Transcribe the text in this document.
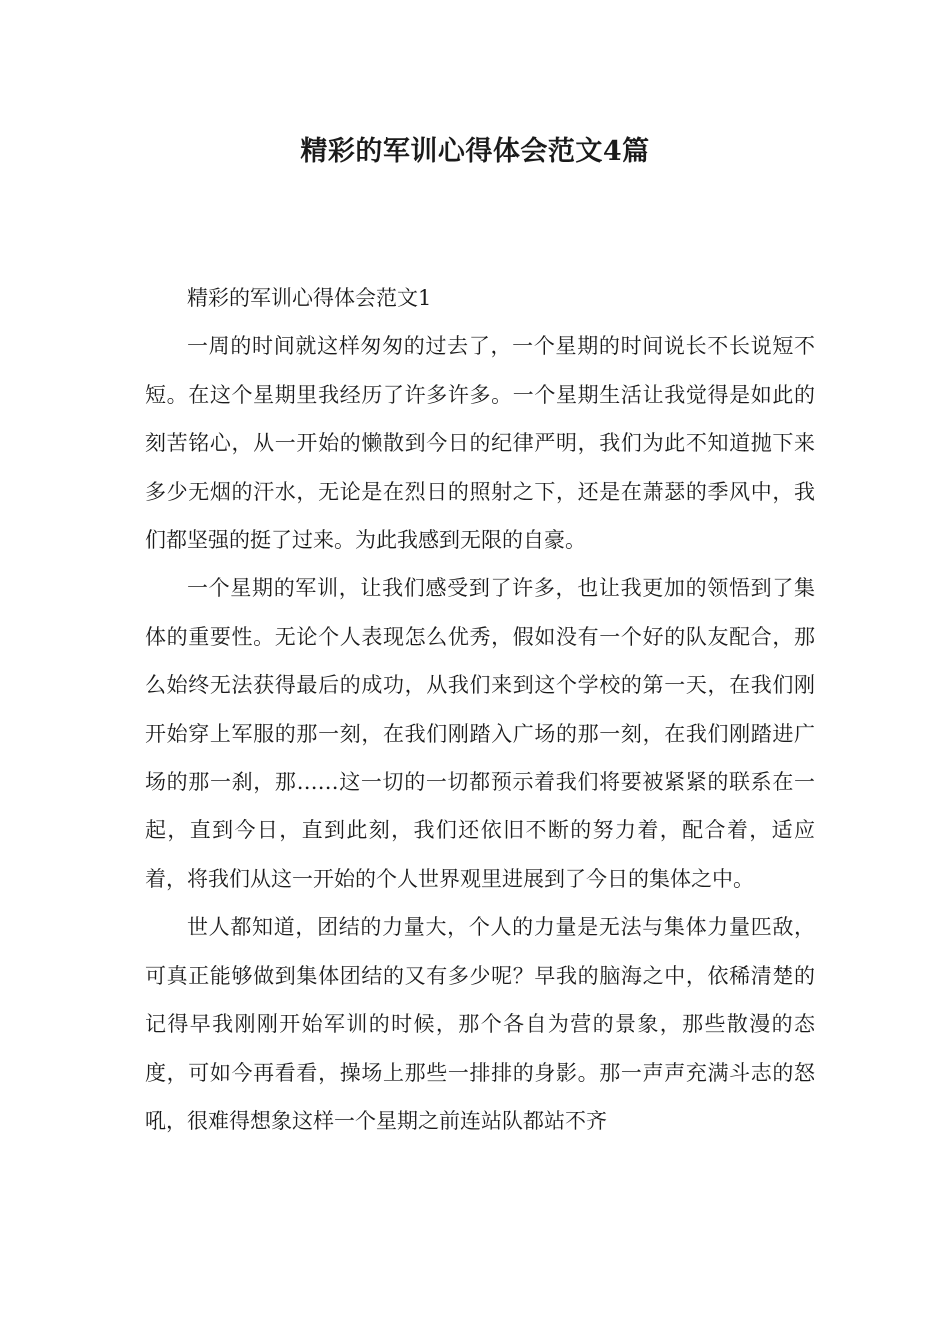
精彩的军训心得体会范文4篇

精彩的军训心得体会范文1

一周的时间就这样匆匆的过去了，一个星期的时间说长不长说短不短。在这个星期里我经历了许多许多。一个星期生活让我觉得是如此的刻苦铭心，从一开始的懒散到今日的纪律严明，我们为此不知道抛下来多少无烟的汗水，无论是在烈日的照射之下，还是在萧瑟的季风中，我们都坚强的挺了过来。为此我感到无限的自豪。

一个星期的军训，让我们感受到了许多，也让我更加的领悟到了集体的重要性。无论个人表现怎么优秀，假如没有一个好的队友配合，那么始终无法获得最后的成功，从我们来到这个学校的第一天，在我们刚开始穿上军服的那一刻，在我们刚踏入广场的那一刻，在我们刚踏进广场的那一刹，那……这一切的一切都预示着我们将要被紧紧的联系在一起，直到今日，直到此刻，我们还依旧不断的努力着，配合着，适应着，将我们从这一开始的个人世界观里进展到了今日的集体之中。

世人都知道，团结的力量大，个人的力量是无法与集体力量匹敌，可真正能够做到集体团结的又有多少呢？早我的脑海之中，依稀清楚的记得早我刚刚开始军训的时候，那个各自为营的景象，那些散漫的态度，可如今再看看，操场上那些一排排的身影。那一声声充满斗志的怒吼，很难得想象这样一个星期之前连站队都站不齐
